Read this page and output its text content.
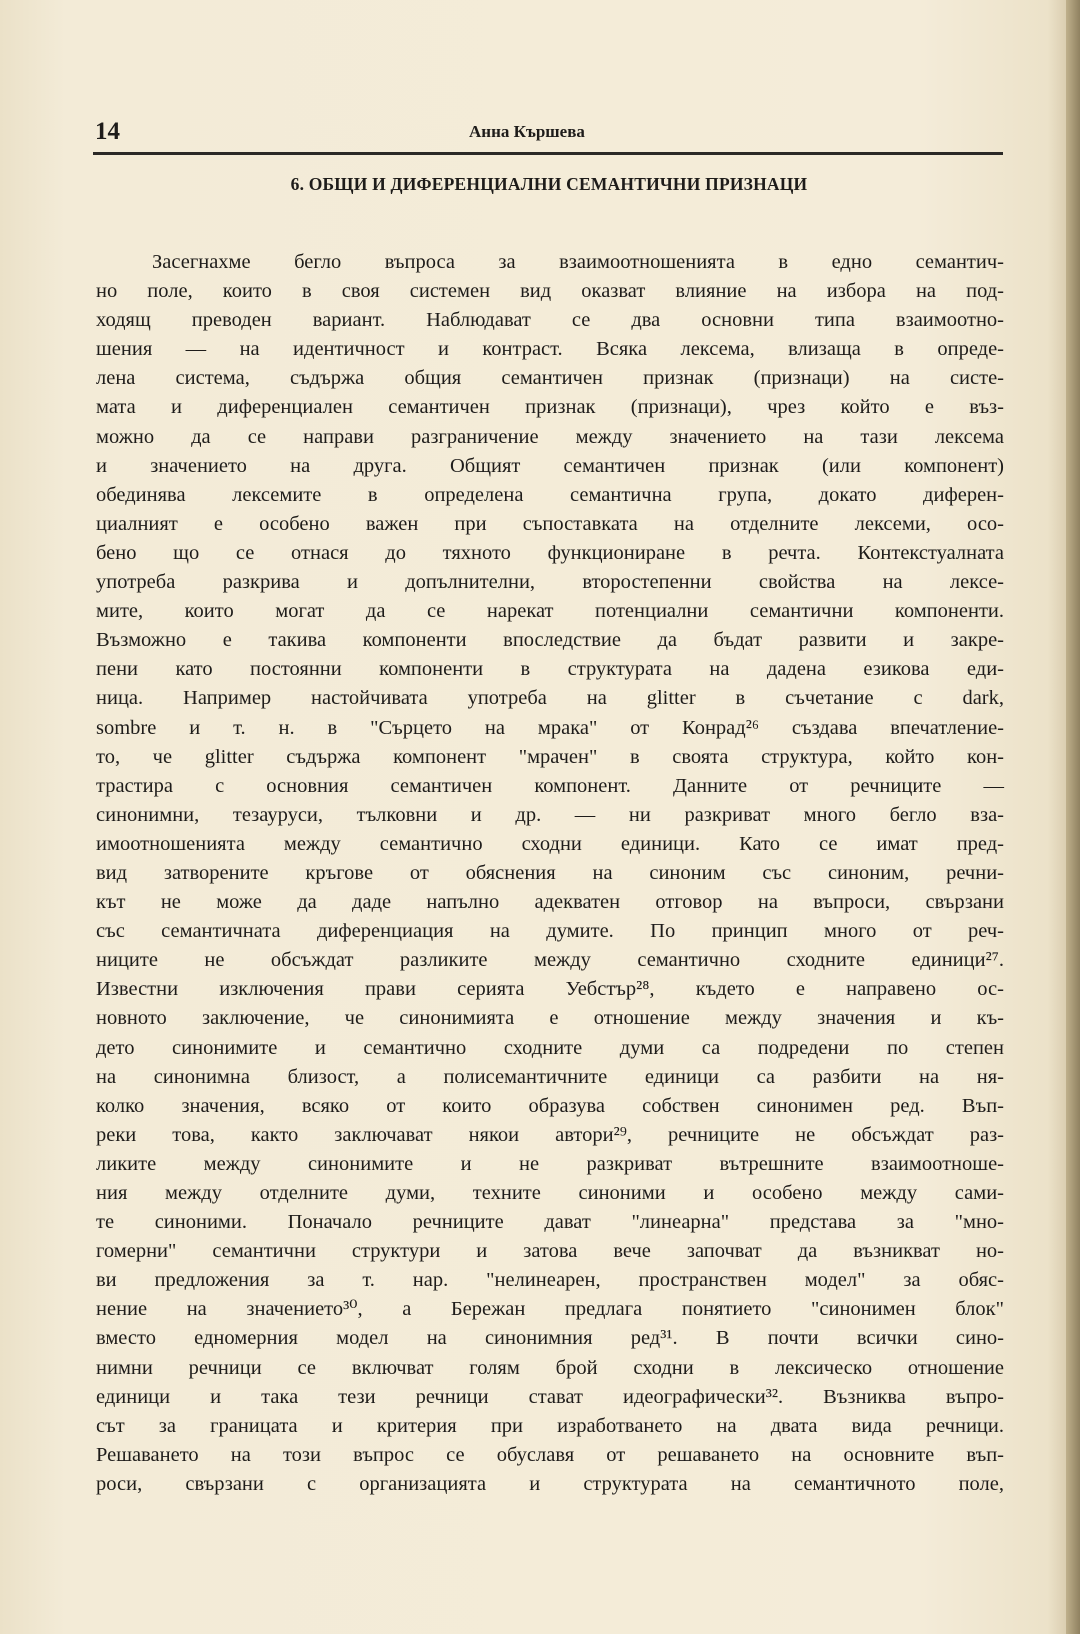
14	Анна Кършева
6. ОБЩИ И ДИФЕРЕНЦИАЛНИ СЕМАНТИЧНИ ПРИЗНАЦИ
Засегнахме бегло въпроса за взаимоотношенията в едно семантич-
но поле, които в своя системен вид оказват влияние на избора на под-
ходящ преводен вариант. Наблюдават се два основни типа взаимоотно-
шения — на идентичност и контраст. Всяка лексема, влизаща в опреде-
лена система, съдържа общия семантичен признак (признаци) на систе-
мата и диференциален семантичен признак (признаци), чрез който е въз-
можно да се направи разграничение между значението на тази лексема
и значението на друга. Общият семантичен признак (или компонент)
обединява лексемите в определена семантична група, докато диферен-
циалният е особено важен при съпоставката на отделните лексеми, осо-
бено що се отнася до тяхното функциониране в речта. Контекстуалната
употреба разкрива и допълнителни, второстепенни свойства на лексе-
мите, които могат да се нарекат потенциални семантични компоненти.
Възможно е такива компоненти впоследствие да бъдат развити и закре-
пени като постоянни компоненти в структурата на дадена езикова еди-
ница. Например настойчивата употреба на glitter в съчетание с dark,
sombre и т. н. в "Сърцето на мрака" от Конрад²⁶ създава впечатление-
то, че glitter съдържа компонент "мрачен" в своята структура, който кон-
трастира с основния семантичен компонент. Данните от речниците —
синонимни, тезауруси, тълковни и др. — ни разкриват много бегло вза-
имоотношенията между семантично сходни единици. Като се имат пред-
вид затворените кръгове от обяснения на синоним със синоним, речни-
кът не може да даде напълно адекватен отговор на въпроси, свързани
със семантичната диференциация на думите. По принцип много от реч-
ниците не обсъждат разликите между семантично сходните единици²⁷.
Известни изключения прави серията Уебстър²⁸, където е направено ос-
новното заключение, че синонимията е отношение между значения и къ-
дето синонимите и семантично сходните думи са подредени по степен
на синонимна близост, а полисемантичните единици са разбити на ня-
колко значения, всяко от които образува собствен синонимен ред. Въп-
реки това, както заключават някои автори²⁹, речниците не обсъждат раз-
ликите между синонимите и не разкриват вътрешните взаимоотноше-
ния между отделните думи, техните синоними и особено между сами-
те синоними. Поначало речниците дават "линеарна" представа за "мно-
гомерни" семантични структури и затова вече започват да възникват но-
ви предложения за т. нар. "нелинеарен, пространствен модел" за обяс-
нение на значението³⁰, а Бережан предлага понятието "синонимен блок"
вместо едномерния модел на синонимния ред³¹. В почти всички сино-
нимни речници се включват голям брой сходни в лексическо отношение
единици и така тези речници стават идеографически³². Възниква въпро-
сът за границата и критерия при изработването на двата вида речници.
Решаването на този въпрос се обуславя от решаването на основните въп-
роси, свързани с организацията и структурата на семантичното поле,
